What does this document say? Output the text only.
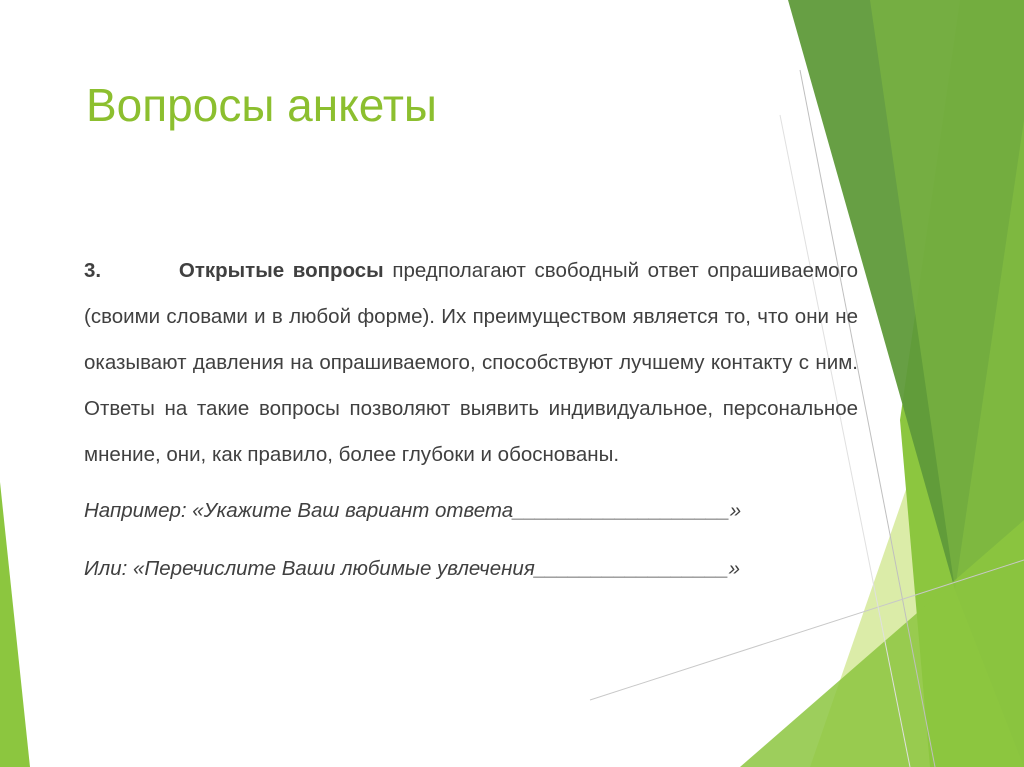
Вопросы анкеты

3.	Открытые вопросы предполагают свободный ответ опрашиваемого (своими словами и в любой форме). Их преимуществом является то, что они не оказывают давления на опрашиваемого, способствуют лучшему контакту с ним. Ответы на такие вопросы позволяют выявить индивидуальное, персональное мнение, они, как правило, более глубоки и обоснованы.

Например: «Укажите Ваш вариант ответа___________________»

Или: «Перечислите Ваши любимые увлечения_________________»
